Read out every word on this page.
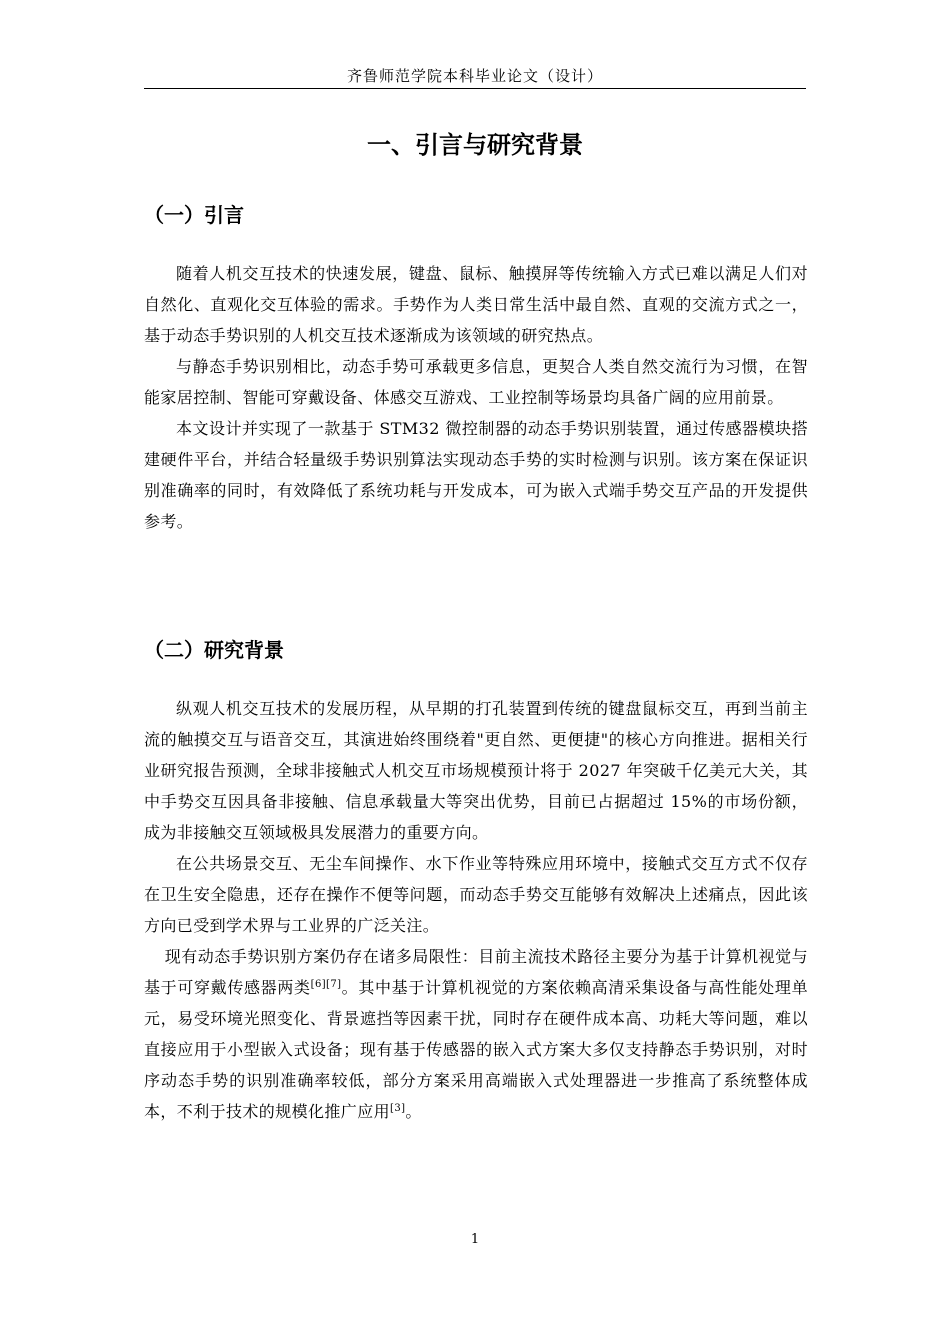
齐鲁师范学院本科毕业论文（设计）
一、引言与研究背景
（一）引言

随着人机交互技术的快速发展，键盘、鼠标、触摸屏等传统输入方式已难以满足人们对自然化、直观化交互体验的需求。手势作为人类日常生活中最自然、直观的交流方式之一，基于动态手势识别的人机交互技术逐渐成为该领域的研究热点。

与静态手势识别相比，动态手势可承载更多信息，更契合人类自然交流行为习惯，在智能家居控制、智能可穿戴设备、体感交互游戏、工业控制等场景均具备广阔的应用前景。

本文设计并实现了一款基于 STM32 微控制器的动态手势识别装置，通过传感器模块搭建硬件平台，并结合轻量级手势识别算法实现动态手势的实时检测与识别。该方案在保证识别准确率的同时，有效降低了系统功耗与开发成本，可为嵌入式端手势交互产品的开发提供参考。

（二）研究背景

纵观人机交互技术的发展历程，从早期的打孔装置到传统的键盘鼠标交互，再到当前主流的触摸交互与语音交互，其演进始终围绕着"更自然、更便捷"的核心方向推进。据相关行业研究报告预测，全球非接触式人机交互市场规模预计将于 2027 年突破千亿美元大关，其中手势交互因具备非接触、信息承载量大等突出优势，目前已占据超过 15%的市场份额，成为非接触交互领域极具发展潜力的重要方向。

在公共场景交互、无尘车间操作、水下作业等特殊应用环境中，接触式交互方式不仅存在卫生安全隐患，还存在操作不便等问题，而动态手势交互能够有效解决上述痛点，因此该方向已受到学术界与工业界的广泛关注。

现有动态手势识别方案仍存在诸多局限性：目前主流技术路径主要分为基于计算机视觉与基于可穿戴传感器两类[6][7]。其中基于计算机视觉的方案依赖高清采集设备与高性能处理单元，易受环境光照变化、背景遮挡等因素干扰，同时存在硬件成本高、功耗大等问题，难以直接应用于小型嵌入式设备；现有基于传感器的嵌入式方案大多仅支持静态手势识别，对时序动态手势的识别准确率较低，部分方案采用高端嵌入式处理器进一步推高了系统整体成本，不利于技术的规模化推广应用[3]。

1
